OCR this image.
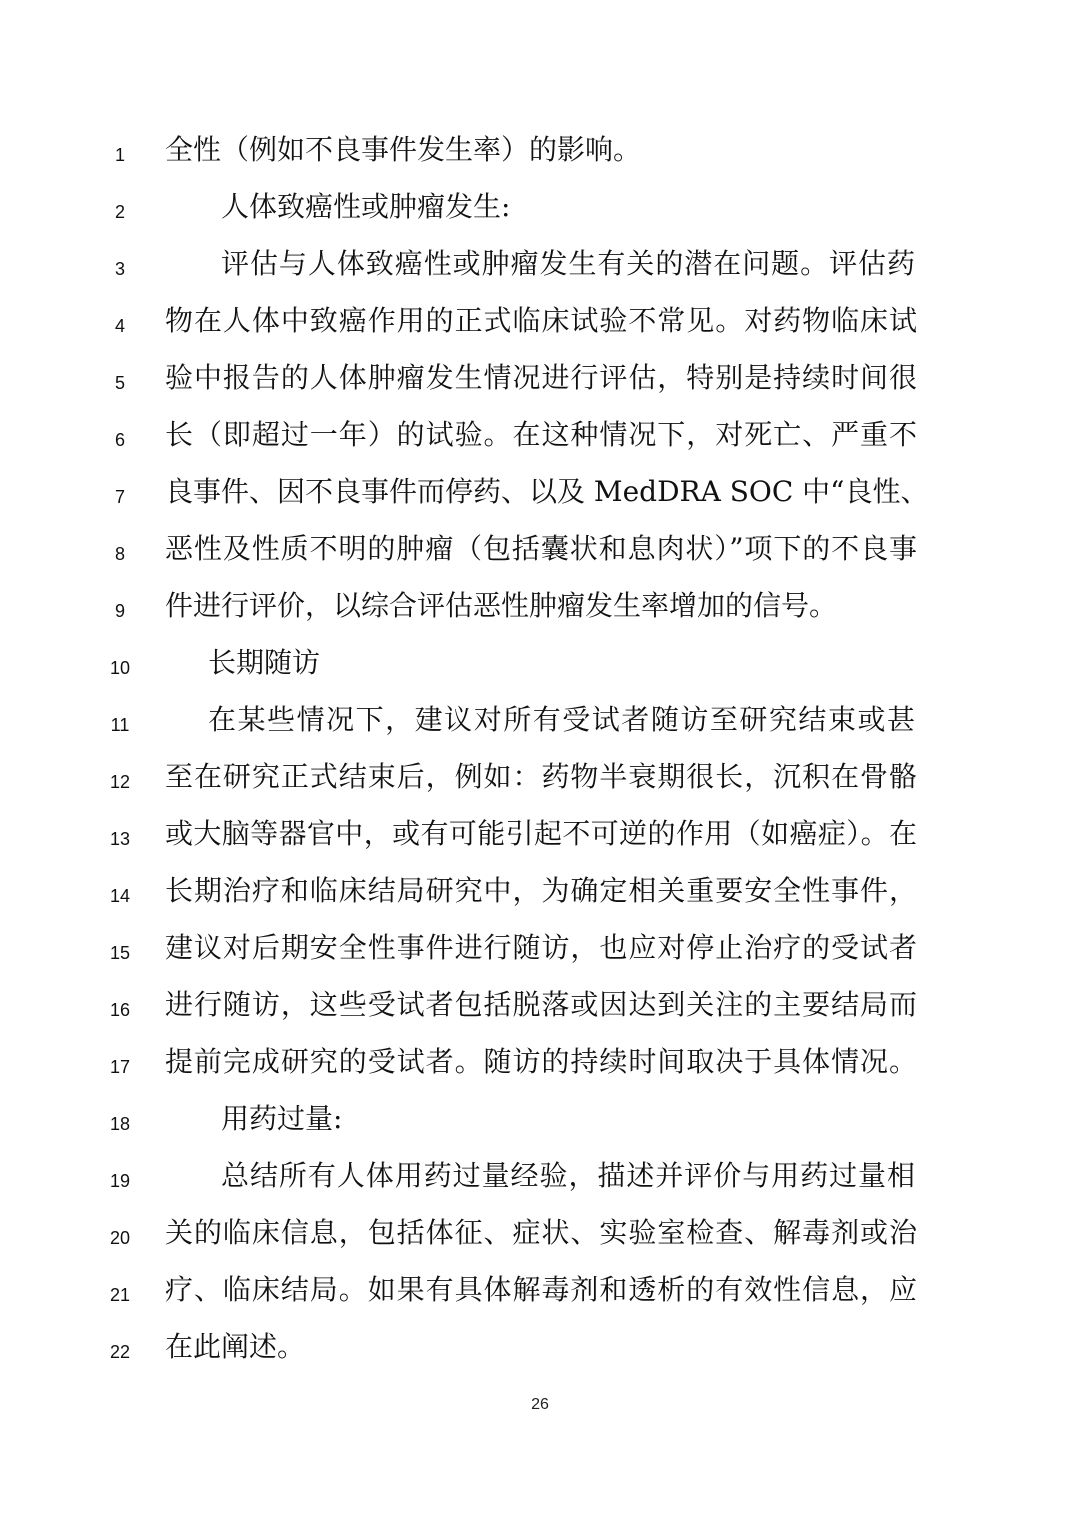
1	全性（例如不良事件发生率）的影响。
2	人体致癌性或肿瘤发生:
3	评估与人体致癌性或肿瘤发生有关的潜在问题。评估药
4	物在人体中致癌作用的正式临床试验不常见。对药物临床试
5	验中报告的人体肿瘤发生情况进行评估，特别是持续时间很
6	长（即超过一年）的试验。在这种情况下，对死亡、严重不
7	良事件、因不良事件而停药、以及 MedDRA SOC 中“良性、
8	恶性及性质不明的肿瘤（包括囊状和息肉状）”项下的不良事
9	件进行评价，以综合评估恶性肿瘤发生率增加的信号。
10	长期随访
11	在某些情况下，建议对所有受试者随访至研究结束或甚
12	至在研究正式结束后，例如：药物半衰期很长，沉积在骨骼
13	或大脑等器官中，或有可能引起不可逆的作用（如癌症）。在
14	长期治疗和临床结局研究中，为确定相关重要安全性事件，
15	建议对后期安全性事件进行随访，也应对停止治疗的受试者
16	进行随访，这些受试者包括脱落或因达到关注的主要结局而
17	提前完成研究的受试者。随访的持续时间取决于具体情况。
18	用药过量:
19	总结所有人体用药过量经验，描述并评价与用药过量相
20	关的临床信息，包括体征、症状、实验室检查、解毒剂或治
21	疗、临床结局。如果有具体解毒剂和透析的有效性信息，应
22	在此阐述。
26
